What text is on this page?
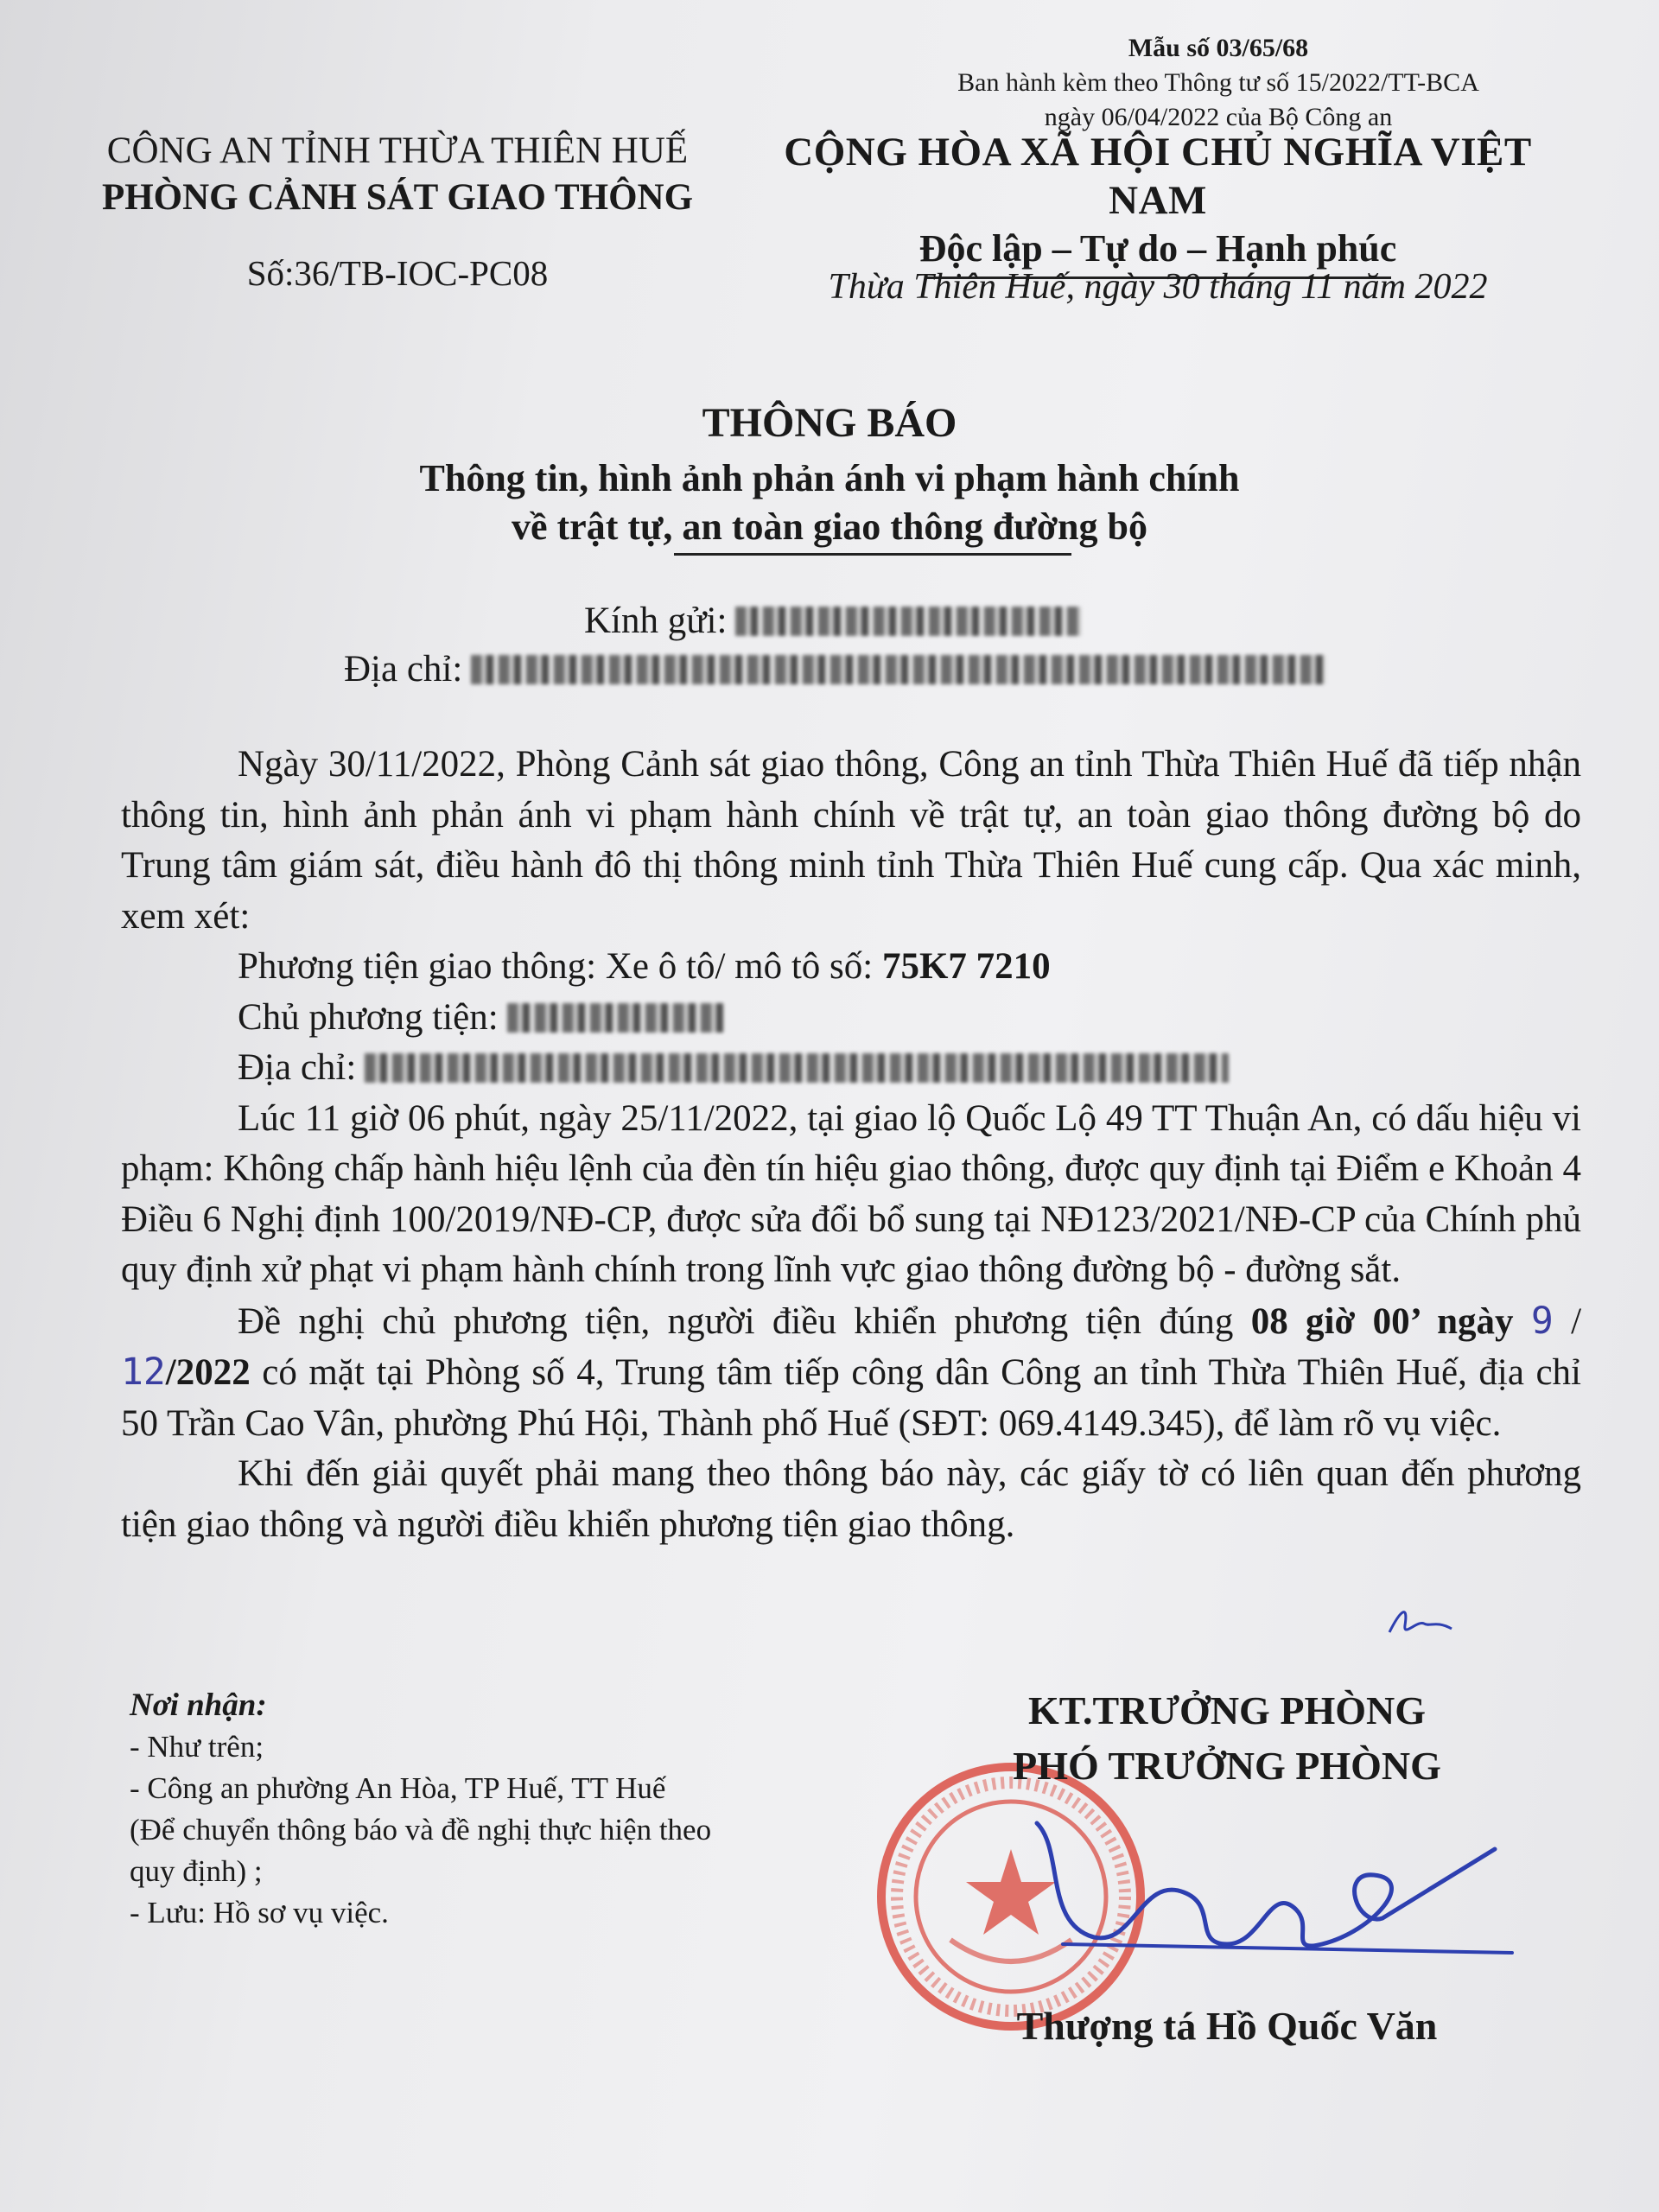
Mẫu số 03/65/68
Ban hành kèm theo Thông tư số 15/2022/TT-BCA
ngày 06/04/2022 của Bộ Công an
CÔNG AN TỈNH THỪA THIÊN HUẾ
PHÒNG CẢNH SÁT GIAO THÔNG
CỘNG HÒA XÃ HỘI CHỦ NGHĨA VIỆT NAM
Độc lập – Tự do – Hạnh phúc
Số:36/TB-IOC-PC08	Thừa Thiên Huế, ngày 30 tháng 11 năm 2022
THÔNG BÁO
Thông tin, hình ảnh phản ánh vi phạm hành chính
về trật tự, an toàn giao thông đường bộ
Kính gửi:
Địa chỉ:

Ngày 30/11/2022, Phòng Cảnh sát giao thông, Công an tỉnh Thừa Thiên Huế đã tiếp nhận thông tin, hình ảnh phản ánh vi phạm hành chính về trật tự, an toàn giao thông đường bộ do Trung tâm giám sát, điều hành đô thị thông minh tỉnh Thừa Thiên Huế cung cấp. Qua xác minh, xem xét:

Phương tiện giao thông: Xe ô tô/ mô tô số: 75K7 7210

Chủ phương tiện:

Địa chỉ:

Lúc 11 giờ 06 phút, ngày 25/11/2022, tại giao lộ Quốc Lộ 49 TT Thuận An, có dấu hiệu vi phạm: Không chấp hành hiệu lệnh của đèn tín hiệu giao thông, được quy định tại Điểm e Khoản 4 Điều 6 Nghị định 100/2019/NĐ-CP, được sửa đổi bổ sung tại NĐ123/2021/NĐ-CP của Chính phủ quy định xử phạt vi phạm hành chính trong lĩnh vực giao thông đường bộ - đường sắt.

Đề nghị chủ phương tiện, người điều khiển phương tiện đúng 08 giờ 00’ ngày 9 / 12/2022 có mặt tại Phòng số 4, Trung tâm tiếp công dân Công an tỉnh Thừa Thiên Huế, địa chỉ 50 Trần Cao Vân, phường Phú Hội, Thành phố Huế (SĐT: 069.4149.345), để làm rõ vụ việc.

Khi đến giải quyết phải mang theo thông báo này, các giấy tờ có liên quan đến phương tiện giao thông và người điều khiển phương tiện giao thông.

Nơi nhận:
- Như trên;
- Công an phường An Hòa, TP Huế, TT Huế
(Để chuyển thông báo và đề nghị thực hiện theo
quy định) ;
- Lưu: Hồ sơ vụ việc.
KT.TRƯỞNG PHÒNG
PHÓ TRƯỞNG PHÒNG
Thượng tá Hồ Quốc Văn
